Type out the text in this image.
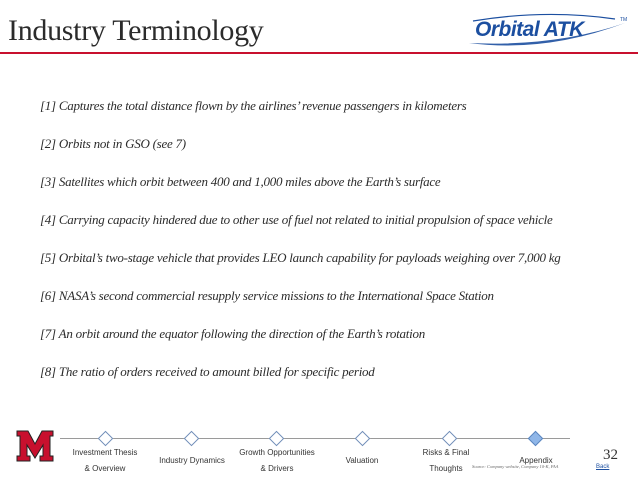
Industry Terminology	Orbital ATK	TM
[1] Captures the total distance flown by the airlines’ revenue passengers in kilometers
[2] Orbits not in GSO (see 7)
[3] Satellites which orbit between 400 and 1,000 miles above the Earth’s surface
[4] Carrying capacity hindered due to other use of fuel not related to initial propulsion of space vehicle
[5] Orbital’s two-stage vehicle that provides LEO launch capability for payloads weighing over 7,000 kg
[6] NASA’s second commercial resupply service missions to the International Space Station
[7] An orbit around the equator following the direction of the Earth’s rotation
[8] The ratio of orders received to amount billed for specific period
Investment Thesis
& Overview
Industry Dynamics
Growth Opportunities
& Drivers
Valuation
Risks & Final
Thoughts
Appendix	32
Source: Company website, Company 10-K, FAA	Back
